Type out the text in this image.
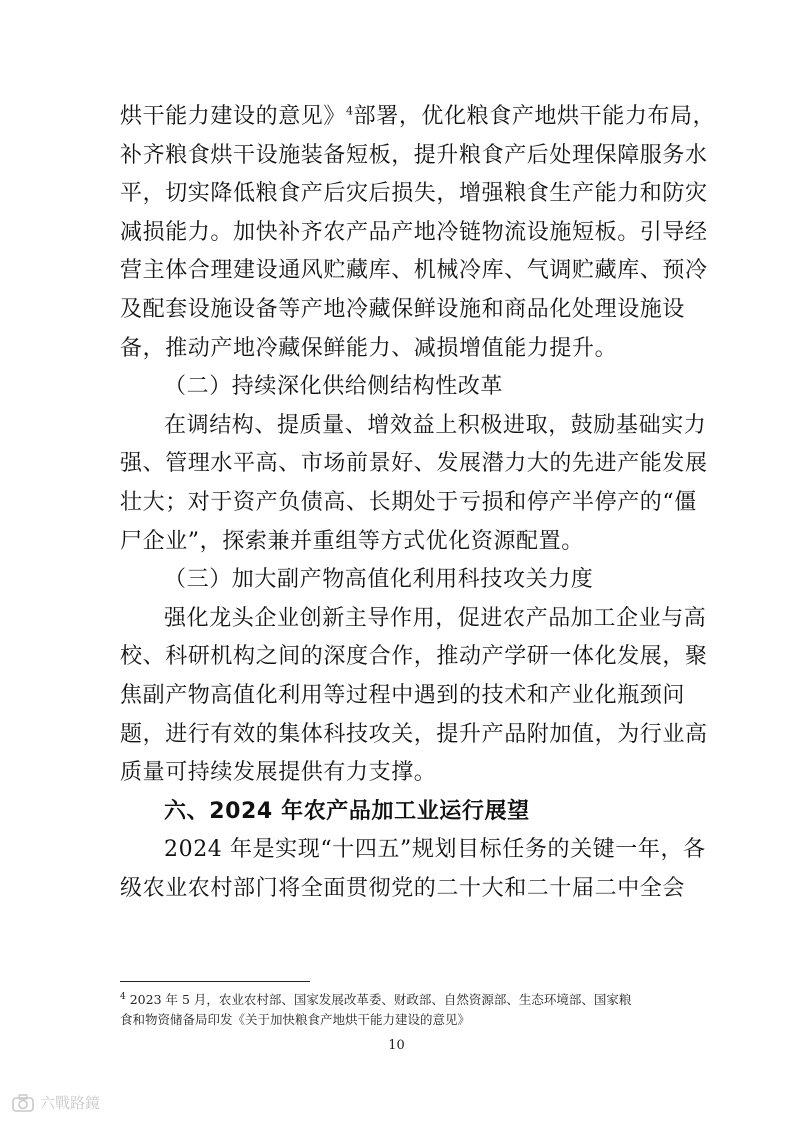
烘干能力建设的意见》$^4$部署，优化粮食产地烘干能力布局，
补齐粮食烘干设施装备短板，提升粮食产后处理保障服务水
平，切实降低粮食产后灾后损失，增强粮食生产能力和防灾
减损能力。加快补齐农产品产地冷链物流设施短板。引导经
营主体合理建设通风贮藏库、机械冷库、气调贮藏库、预冷
及配套设施设备等产地冷藏保鲜设施和商品化处理设施设
备，推动产地冷藏保鲜能力、减损增值能力提升。
（二）持续深化供给侧结构性改革
在调结构、提质量、增效益上积极进取，鼓励基础实力
强、管理水平高、市场前景好、发展潜力大的先进产能发展
壮大；对于资产负债高、长期处于亏损和停产半停产的“僵
尸企业”，探索兼并重组等方式优化资源配置。
（三）加大副产物高值化利用科技攻关力度
强化龙头企业创新主导作用，促进农产品加工企业与高
校、科研机构之间的深度合作，推动产学研一体化发展，聚
焦副产物高值化利用等过程中遇到的技术和产业化瓶颈问
题，进行有效的集体科技攻关，提升产品附加值，为行业高
质量可持续发展提供有力支撑。
六、2024 年农产品加工业运行展望
2024 年是实现“十四五”规划目标任务的关键一年，各
级农业农村部门将全面贯彻党的二十大和二十届二中全会
$^4$ 2023 年 5 月，农业农村部、国家发展改革委、财政部、自然资源部、生态环境部、国家粮
食和物资储备局印发《关于加快粮食产地烘干能力建设的意见》
10
六戰路鏡
